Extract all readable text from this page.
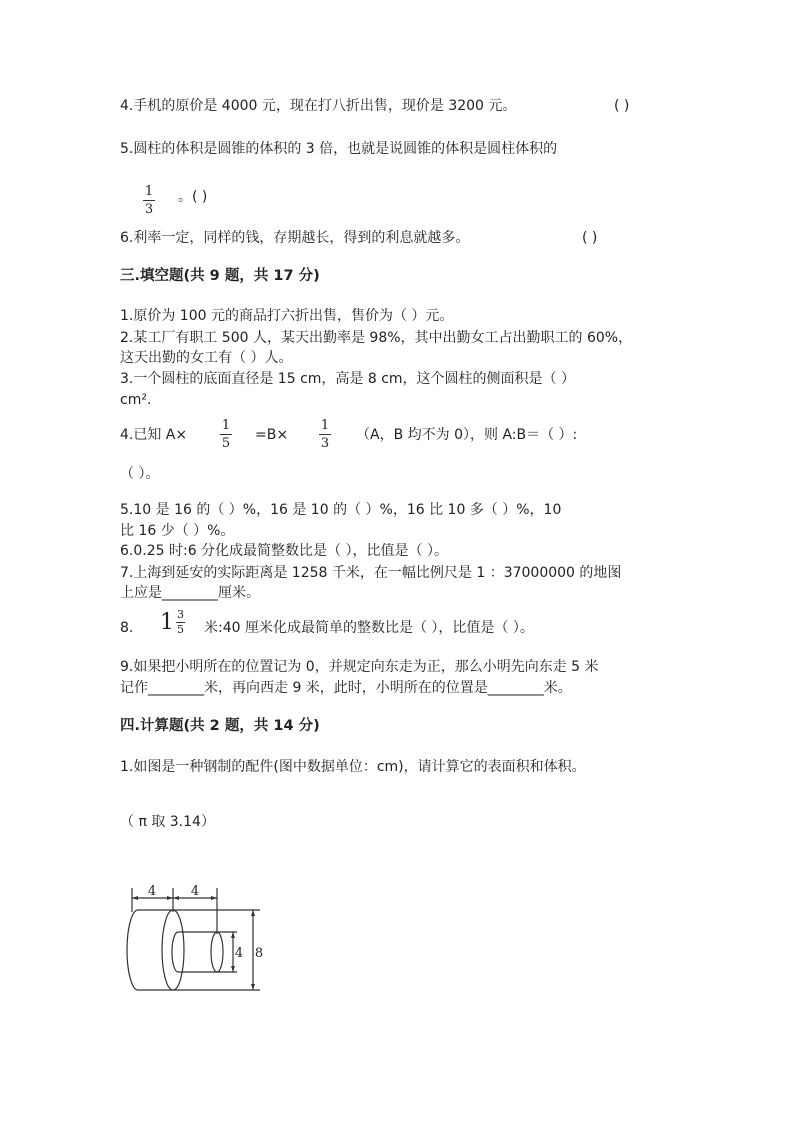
4.手机的原价是 4000 元，现在打八折出售，现价是 3200 元。	( )
5.圆柱的体积是圆锥的体积的 3 倍，也就是说圆锥的体积是圆柱体积的
1
3
。( )
6.利率一定，同样的钱，存期越长，得到的利息就越多。	( )
三.填空题(共 9 题，共 17 分)
1.原价为 100 元的商品打六折出售，售价为（ ）元。
2.某工厂有职工 500 人，某天出勤率是 98%，其中出勤女工占出勤职工的 60%，
这天出勤的女工有（ ）人。
3.一个圆柱的底面直径是 15 cm，高是 8 cm，这个圆柱的侧面积是（ ）
cm².
4.已知 A×
1
5
=B×
1
3
（A，B 均不为 0），则 A:B＝（ ）:
（ ）。
5.10 是 16 的（ ）%，16 是 10 的（ ）%，16 比 10 多（ ）%，10
比 16 少（ ）%。
6.0.25 时:6 分化成最简整数比是（ ），比值是（ ）。
7.上海到延安的实际距离是 1258 千米，在一幅比例尺是 1 ：37000000 的地图
上应是________厘米。
8. $1 \frac{3}{5}$ 米:40 厘米化成最简单的整数比是（ ），比值是（ ）。
9.如果把小明所在的位置记为 0，并规定向东走为正，那么小明先向东走 5 米
记作________米，再向西走 9 米，此时，小明所在的位置是________米。
四.计算题(共 2 题，共 14 分)
1.如图是一种钢制的配件(图中数据单位：cm)，请计算它的表面积和体积。
（ π 取 3.14）
4	4
4 8
